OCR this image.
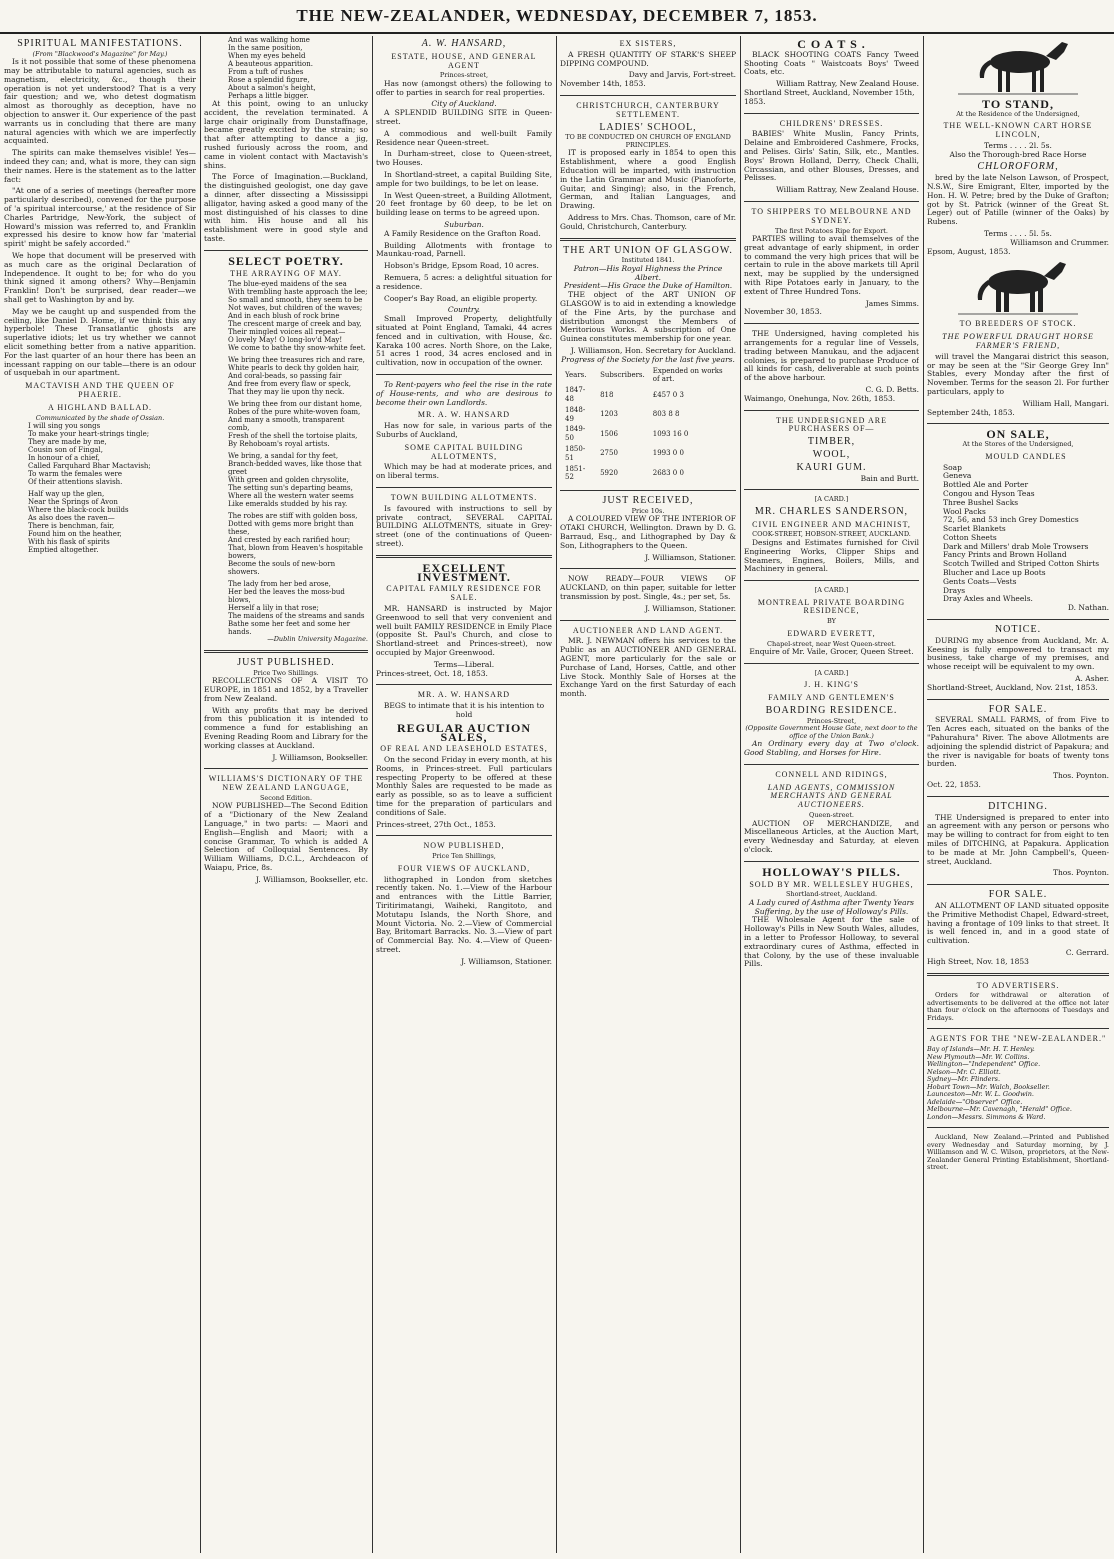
THE NEW-ZEALANDER, WEDNESDAY, DECEMBER 7, 1853.
SPIRITUAL MANIFESTATIONS.
(From "Blackwood's Magazine" for May.)

Is it not possible that some of these phenomena may be attributable to natural agencies, such as magnetism, electricity, &c., though their operation is not yet understood? That is a very fair question; and we, who detest dogmatism almost as thoroughly as deception, have no objection to answer it. Our experience of the past warrants us in concluding that there are many natural agencies with which we are imperfectly acquainted.

The spirits can make themselves visible! Yes—indeed they can; and, what is more, they can sign their names. Here is the statement as to the latter fact:

"At one of a series of meetings (hereafter more particularly described), convened for the purpose of 'a spiritual intercourse,' at the residence of Sir Charles Partridge, New-York, the subject of Howard's mission was referred to, and Franklin expressed his desire to know how far 'material spirit' might be safely accorded."

We hope that document will be preserved with as much care as the original Declaration of Independence. It ought to be; for who do you think signed it among others? Why—Benjamin Franklin! Don't be surprised, dear reader—we shall get to Washington by and by.

May we be caught up and suspended from the ceiling, like Daniel D. Home, if we think this any hyperbole! These Transatlantic ghosts are superlative idiots; let us try whether we cannot elicit something better from a native apparition. For the last quarter of an hour there has been an incessant rapping on our table—there is an odour of usquebah in our apartment.

MACTAVISH AND THE QUEEN OF PHAERIE.
A HIGHLAND BALLAD.
Communicated by the shade of Ossian.
I will sing you songs
To make your heart-strings tingle;
They are made by me,
Cousin son of Fingal,
In honour of a chief,
Called Farquhard Bhar Mactavish;
To warm the females were
Of their attentions slavish.
Half way up the glen,
Near the Springs of Avon
Where the black-cock builds
As also does the raven—
There is benchman, fair,
Found him on the heather,
With his flask of spirits
Emptied altogether.
And was walking home
In the same position,
When my eyes beheld
A beauteous apparition.
From a tuft of rushes
Rose a splendid figure,
About a salmon's height,
Perhaps a little bigger.

At this point, owing to an unlucky accident, the revelation terminated. A large chair originally from Dunstaffnage, became greatly excited by the strain; so that after attempting to dance a jig, rushed furiously across the room, and came in violent contact with Mactavish's shins.

The Force of Imagination.—Buckland, the distinguished geologist, one day gave a dinner, after dissecting a Mississippi alligator, having asked a good many of the most distinguished of his classes to dine with him. His house and all his establishment were in good style and taste.

SELECT POETRY.
THE ARRAYING OF MAY.
The blue-eyed maidens of the sea
With trembling haste approach the lee;
So small and smooth, they seem to be
Not waves, but children of the waves;
And in each blush of rock brine
The crescent marge of creek and bay,
Their mingled voices all repeat—
O lovely May! O long-lov'd May!
We come to bathe thy snow-white feet.
We bring thee treasures rich and rare,
White pearls to deck thy golden hair,
And coral-beads, so passing fair
And free from every flaw or speck,
That they may lie upon thy neck.
We bring thee from our distant home,
Robes of the pure white-woven foam,
And many a smooth, transparent comb,
Fresh of the shell the tortoise plaits,
By Rehoboam's royal artists.
We bring, a sandal for thy feet,
Branch-bedded waves, like those that greet
With green and golden chrysolite,
The setting sun's departing beams,
Where all the western water seems
Like emeralds studded by his ray.
The robes are stiff with golden boss,
Dotted with gems more bright than these,
And crested by each rarified hour;
That, blown from Heaven's hospitable bowers,
Become the souls of new-born showers.
The lady from her bed arose,
Her bed the leaves the moss-bud blows,
Herself a lily in that rose;
The maidens of the streams and sands
Bathe some her feet and some her hands.
—Dublin University Magazine.
JUST PUBLISHED.
Price Two Shillings.

RECOLLECTIONS OF A VISIT TO EUROPE, in 1851 and 1852, by a Traveller from New Zealand.

With any profits that may be derived from this publication it is intended to commence a fund for establishing an Evening Reading Room and Library for the working classes at Auckland.

J. Williamson, Bookseller.
WILLIAMS'S DICTIONARY OF THE NEW ZEALAND LANGUAGE,
Second Edition.

NOW PUBLISHED—The Second Edition of a "Dictionary of the New Zealand Language," in two parts: — Maori and English—English and Maori; with a concise Grammar, To which is added A Selection of Colloquial Sentences. By William Williams, D.C.L., Archdeacon of Waiapu, Price, 8s.

J. Williamson, Bookseller, etc.
A. W. HANSARD,
ESTATE, HOUSE, AND GENERAL AGENT
Princes-street,

Has now (amongst others) the following to offer to parties in search for real properties.

City of Auckland.

A SPLENDID BUILDING SITE in Queen-street.

A commodious and well-built Family Residence near Queen-street.

In Durham-street, close to Queen-street, two Houses.

In Shortland-street, a capital Building Site, ample for two buildings, to be let on lease.

In West Queen-street, a Building Allotment, 20 feet frontage by 60 deep, to be let on building lease on terms to be agreed upon.

Suburban.

A Family Residence on the Grafton Road.

Building Allotments with frontage to Maunkau-road, Parnell.

Hobson's Bridge, Epsom Road, 10 acres.

Remuera, 5 acres: a delightful situation for a residence.

Cooper's Bay Road, an eligible property.

Country.

Small Improved Property, delightfully situated at Point England, Tamaki, 44 acres fenced and in cultivation, with House, &c. Karaka 100 acres. North Shore, on the Lake, 51 acres 1 rood, 34 acres enclosed and in cultivation, now in occupation of the owner.

To Rent-payers who feel the rise in the rate of House-rents, and who are desirous to become their own Landlords.

MR. A. W. HANSARD

Has now for sale, in various parts of the Suburbs of Auckland,

SOME CAPITAL BUILDING ALLOTMENTS,

Which may be had at moderate prices, and on liberal terms.

TOWN BUILDING ALLOTMENTS.

Is favoured with instructions to sell by private contract, SEVERAL CAPITAL BUILDING ALLOTMENTS, situate in Grey-street (one of the continuations of Queen-street).

EXCELLENT INVESTMENT.
CAPITAL FAMILY RESIDENCE FOR SALE.

MR. HANSARD is instructed by Major Greenwood to sell that very convenient and well built FAMILY RESIDENCE in Emily Place (opposite St. Paul's Church, and close to Shortland-street and Princes-street), now occupied by Major Greenwood.

Terms—Liberal.
Princes-street, Oct. 18, 1853.
MR. A. W. HANSARD
BEGS to intimate that it is his intention to hold
REGULAR AUCTION SALES,
OF REAL AND LEASEHOLD ESTATES,

On the second Friday in every month, at his Rooms, in Princes-street. Full particulars respecting Property to be offered at these Monthly Sales are requested to be made as early as possible, so as to leave a sufficient time for the preparation of particulars and conditions of Sale.

Princes-street, 27th Oct., 1853.
NOW PUBLISHED,
Price Ten Shillings,
FOUR VIEWS OF AUCKLAND,

lithographed in London from sketches recently taken. No. 1.—View of the Harbour and entrances with the Little Barrier, Tiritirimatangi, Waiheki, Rangitoto, and Motutapu Islands, the North Shore, and Mount Victoria. No. 2.—View of Commercial Bay, Britomart Barracks. No. 3.—View of part of Commercial Bay. No. 4.—View of Queen-street.

J. Williamson, Stationer.
EX SISTERS,

A FRESH QUANTITY OF STARK'S SHEEP DIPPING COMPOUND.

Davy and Jarvis, Fort-street.
November 14th, 1853.
CHRISTCHURCH, CANTERBURY SETTLEMENT.
LADIES' SCHOOL,
TO BE CONDUCTED ON CHURCH OF ENGLAND PRINCIPLES.

IT is proposed early in 1854 to open this Establishment, where a good English Education will be imparted, with instruction in the Latin Grammar and Music (Pianoforte, Guitar, and Singing); also, in the French, German, and Italian Languages, and Drawing.

Address to Mrs. Chas. Thomson, care of Mr. Gould, Christchurch, Canterbury.

THE ART UNION OF GLASGOW.
Instituted 1841.
Patron—His Royal Highness the Prince Albert.
President—His Grace the Duke of Hamilton.

THE object of the ART UNION OF GLASGOW is to aid in extending a knowledge of the Fine Arts, by the purchase and distribution amongst the Members of Meritorious Works. A subscription of One Guinea constitutes membership for one year.

J. Williamson, Hon. Secretary for Auckland.
Progress of the Society for the last five years.
Years.	Subscribers.	Expended on works of art.
1847-48	818	£457 0 3
1848-49	1203	803 8 8
1849-50	1506	1093 16 0
1850-51	2750	1993 0 0
1851-52	5920	2683 0 0
JUST RECEIVED,
Price 10s.

A COLOURED VIEW OF THE INTERIOR OF OTAKI CHURCH, Wellington. Drawn by D. G. Barraud, Esq., and Lithographed by Day & Son, Lithographers to the Queen.

J. Williamson, Stationer.

NOW READY—FOUR VIEWS OF AUCKLAND, on thin paper, suitable for letter transmission by post. Single, 4s.; per set, 5s.

J. Williamson, Stationer.
AUCTIONEER AND LAND AGENT.

MR. J. NEWMAN offers his services to the Public as an AUCTIONEER AND GENERAL AGENT, more particularly for the sale or Purchase of Land, Horses, Cattle, and other Live Stock. Monthly Sale of Horses at the Exchange Yard on the first Saturday of each month.

C O A T S .

BLACK SHOOTING COATS Fancy Tweed Shooting Coats " Waistcoats Boys' Tweed Coats, etc.

William Rattray, New Zealand House.
Shortland Street, Auckland, November 15th, 1853.
CHILDRENS' DRESSES.

BABIES' White Muslin, Fancy Prints, Delaine and Embroidered Cashmere, Frocks, and Pelises. Girls' Satin, Silk, etc., Mantles. Boys' Brown Holland, Derry, Check Challi, Circassian, and other Blouses, Dresses, and Pelisses.

William Rattray, New Zealand House.
TO SHIPPERS TO MELBOURNE AND SYDNEY.
The first Potatoes Ripe for Export.

PARTIES willing to avail themselves of the great advantage of early shipment, in order to command the very high prices that will be certain to rule in the above markets till April next, may be supplied by the undersigned with Ripe Potatoes early in January, to the extent of Three Hundred Tons.

James Simms.
November 30, 1853.

THE Undersigned, having completed his arrangements for a regular line of Vessels, trading between Manukau, and the adjacent colonies, is prepared to purchase Produce of all kinds for cash, deliverable at such points of the above harbour.

C. G. D. Betts.
Waimango, Onehunga, Nov. 26th, 1853.
THE UNDERSIGNED ARE PURCHASERS OF—
TIMBER,
WOOL,
KAURI GUM.
Bain and Burtt.
[A CARD.]
MR. CHARLES SANDERSON,
CIVIL ENGINEER AND MACHINIST,
COOK-STREET, HOBSON-STREET, AUCKLAND.

Designs and Estimates furnished for Civil Engineering Works, Clipper Ships and Steamers, Engines, Boilers, Mills, and Machinery in general.

[A CARD.]
MONTREAL PRIVATE BOARDING RESIDENCE,
BY
EDWARD EVERETT,
Chapel-street, near West Queen-street.
Enquire of Mr. Vaile, Grocer, Queen Street.
[A CARD.]
J. H. KING'S
FAMILY AND GENTLEMEN'S
BOARDING RESIDENCE.
Princes-Street,
(Opposite Government House Gate, next door to the office of the Union Bank.)

An Ordinary every day at Two o'clock. Good Stabling, and Horses for Hire.

CONNELL AND RIDINGS,
LAND AGENTS, COMMISSION MERCHANTS AND GENERAL AUCTIONEERS.
Queen-street.

AUCTION OF MERCHANDIZE, and Miscellaneous Articles, at the Auction Mart, every Wednesday and Saturday, at eleven o'clock.

HOLLOWAY'S PILLS.
SOLD BY MR. WELLESLEY HUGHES,
Shortland-street, Auckland.
A Lady cured of Asthma after Twenty Years Suffering, by the use of Holloway's Pills.

THE Wholesale Agent for the sale of Holloway's Pills in New South Wales, alludes, in a letter to Professor Holloway, to several extraordinary cures of Asthma, effected in that Colony, by the use of these invaluable Pills.

TO STAND,
At the Residence of the Undersigned,
THE WELL-KNOWN CART HORSE LINCOLN,
Terms . . . . 2l. 5s.
Also the Thorough-bred Race Horse
CHLOROFORM,

bred by the late Nelson Lawson, of Prospect, N.S.W., Sire Emigrant, Elter, imported by the Hon. H. W. Petre; bred by the Duke of Grafton; got by St. Patrick (winner of the Great St. Leger) out of Patille (winner of the Oaks) by Rubens.

Terms . . . . 5l. 5s.
Williamson and Crummer.
Epsom, August, 1853.
TO BREEDERS OF STOCK.
THE POWERFUL DRAUGHT HORSE FARMER'S FRIEND,

will travel the Mangarai district this season, or may be seen at the "Sir George Grey Inn" Stables, every Monday after the first of November. Terms for the season 2l. For further particulars, apply to

William Hall, Mangari.
September 24th, 1853.
ON SALE,
At the Stores of the Undersigned,
MOULD CANDLES
Soap
Geneva
Bottled Ale and Porter
Congou and Hyson Teas
Three Bushel Sacks
Wool Packs
72, 56, and 53 inch Grey Domestics
Scarlet Blankets
Cotton Sheets
Dark and Millers' drab Mole Trowsers
Fancy Prints and Brown Holland
Scotch Twilled and Striped Cotton Shirts
Blucher and Lace up Boots
Gents Coats—Vests
Drays
Dray Axles and Wheels.
D. Nathan.
NOTICE.

DURING my absence from Auckland, Mr. A. Keesing is fully empowered to transact my business, take charge of my premises, and whose receipt will be equivalent to my own.

A. Asher.
Shortland-Street, Auckland, Nov. 21st, 1853.
FOR SALE.

SEVERAL SMALL FARMS, of from Five to Ten Acres each, situated on the banks of the "Pahurahura" River. The above Allotments are adjoining the splendid district of Papakura; and the river is navigable for boats of twenty tons burden.

Thos. Poynton.
Oct. 22, 1853.
DITCHING.

THE Undersigned is prepared to enter into an agreement with any person or persons who may be willing to contract for from eight to ten miles of DITCHING, at Papakura. Application to be made at Mr. John Campbell's, Queen-street, Auckland.

Thos. Poynton.
FOR SALE.

AN ALLOTMENT OF LAND situated opposite the Primitive Methodist Chapel, Edward-street, having a frontage of 109 links to that street. It is well fenced in, and in a good state of cultivation.

C. Gerrard.
High Street, Nov. 18, 1853
TO ADVERTISERS.

Orders for withdrawal or alteration of advertisements to be delivered at the office not later than four o'clock on the afternoons of Tuesdays and Fridays.

AGENTS FOR THE "NEW-ZEALANDER."
Bay of Islands—Mr. H. T. Henley.
New Plymouth—Mr. W. Collins.
Wellington—"Independent" Office.
Nelson—Mr. C. Elliott.
Sydney—Mr. Flinders.
Hobart Town—Mr. Walch, Bookseller.
Launceston—Mr. W. L. Goodwin.
Adelaide—"Observer" Office.
Melbourne—Mr. Cavenagh, "Herald" Office.
London—Messrs. Simmons & Ward.

Auckland, New Zealand.—Printed and Published every Wednesday and Saturday morning, by J. Williamson and W. C. Wilson, proprietors, at the New-Zealander General Printing Establishment, Shortland-street.
